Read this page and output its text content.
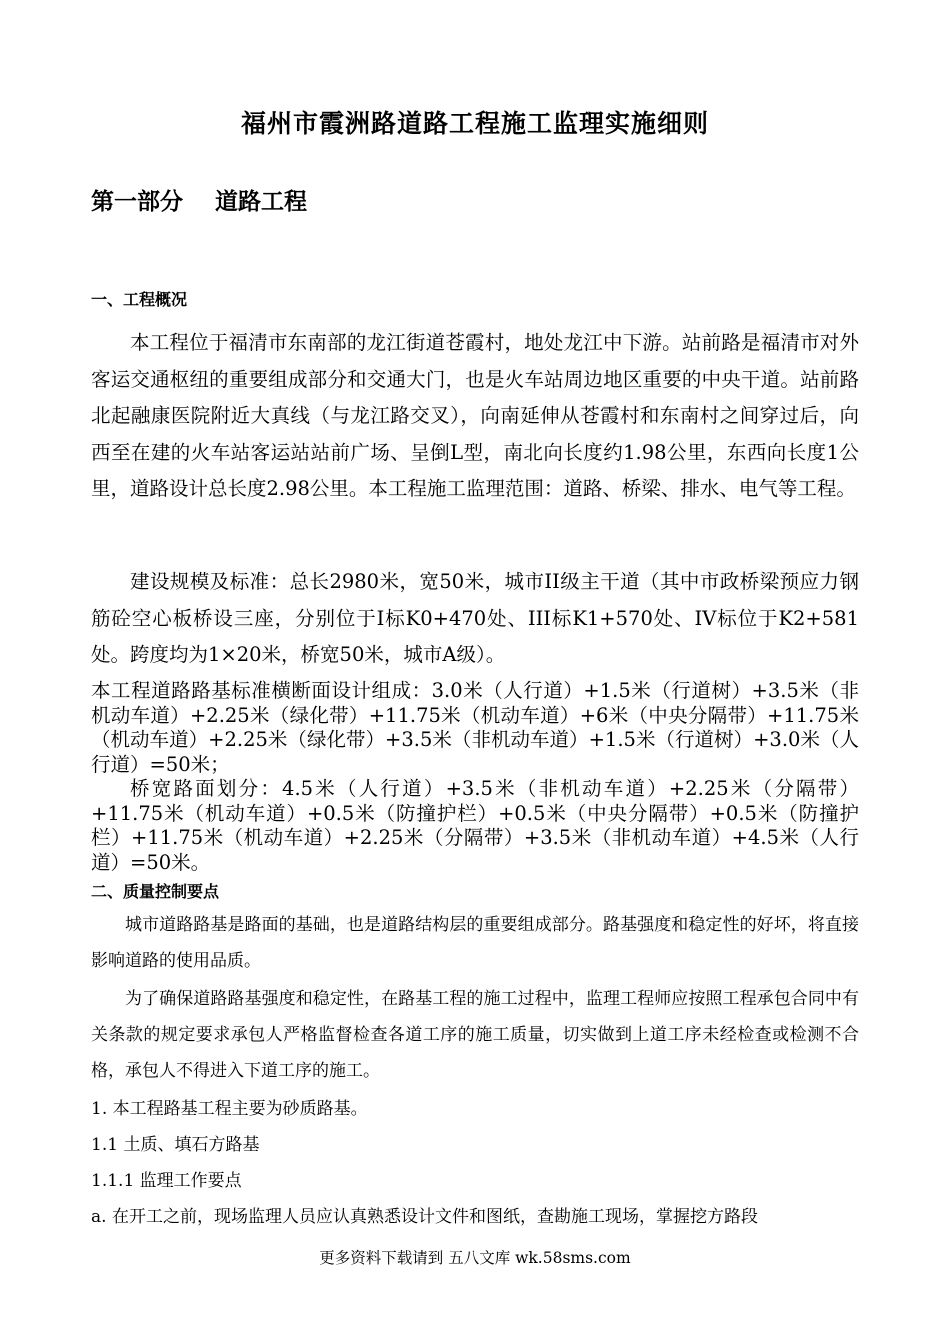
福州市霞洲路道路工程施工监理实施细则
第一部分    道路工程
一、工程概况

本工程位于福清市东南部的龙江街道苍霞村，地处龙江中下游。站前路是福清市对外客运交通枢纽的重要组成部分和交通大门，也是火车站周边地区重要的中央干道。站前路北起融康医院附近大真线（与龙江路交叉），向南延伸从苍霞村和东南村之间穿过后，向西至在建的火车站客运站站前广场、呈倒L型，南北向长度约1.98公里，东西向长度1公里，道路设计总长度2.98公里。本工程施工监理范围：道路、桥梁、排水、电气等工程。

建设规模及标准：总长2980米，宽50米，城市II级主干道（其中市政桥梁预应力钢筋砼空心板桥设三座，分别位于I标K0+470处、III标K1+570处、IV标位于K2+581处。跨度均为1×20米，桥宽50米，城市A级）。

本工程道路路基标准横断面设计组成：3.0米（人行道）+1.5米（行道树）+3.5米（非机动车道）+2.25米（绿化带）+11.75米（机动车道）+6米（中央分隔带）+11.75米（机动车道）+2.25米（绿化带）+3.5米（非机动车道）+1.5米（行道树）+3.0米（人行道）=50米；

桥宽路面划分：4.5米（人行道）+3.5米（非机动车道）+2.25米（分隔带）+11.75米（机动车道）+0.5米（防撞护栏）+0.5米（中央分隔带）+0.5米（防撞护栏）+11.75米（机动车道）+2.25米（分隔带）+3.5米（非机动车道）+4.5米（人行道）=50米。

二、质量控制要点

城市道路路基是路面的基础，也是道路结构层的重要组成部分。路基强度和稳定性的好坏，将直接影响道路的使用品质。

为了确保道路路基强度和稳定性，在路基工程的施工过程中，监理工程师应按照工程承包合同中有关条款的规定要求承包人严格监督检查各道工序的施工质量，切实做到上道工序未经检查或检测不合格，承包人不得进入下道工序的施工。

1. 本工程路基工程主要为砂质路基。

1.1 土质、填石方路基

1.1.1 监理工作要点

a. 在开工之前，现场监理人员应认真熟悉设计文件和图纸，查勘施工现场，掌握挖方路段

更多资料下载请到 五八文库 wk.58sms.com
